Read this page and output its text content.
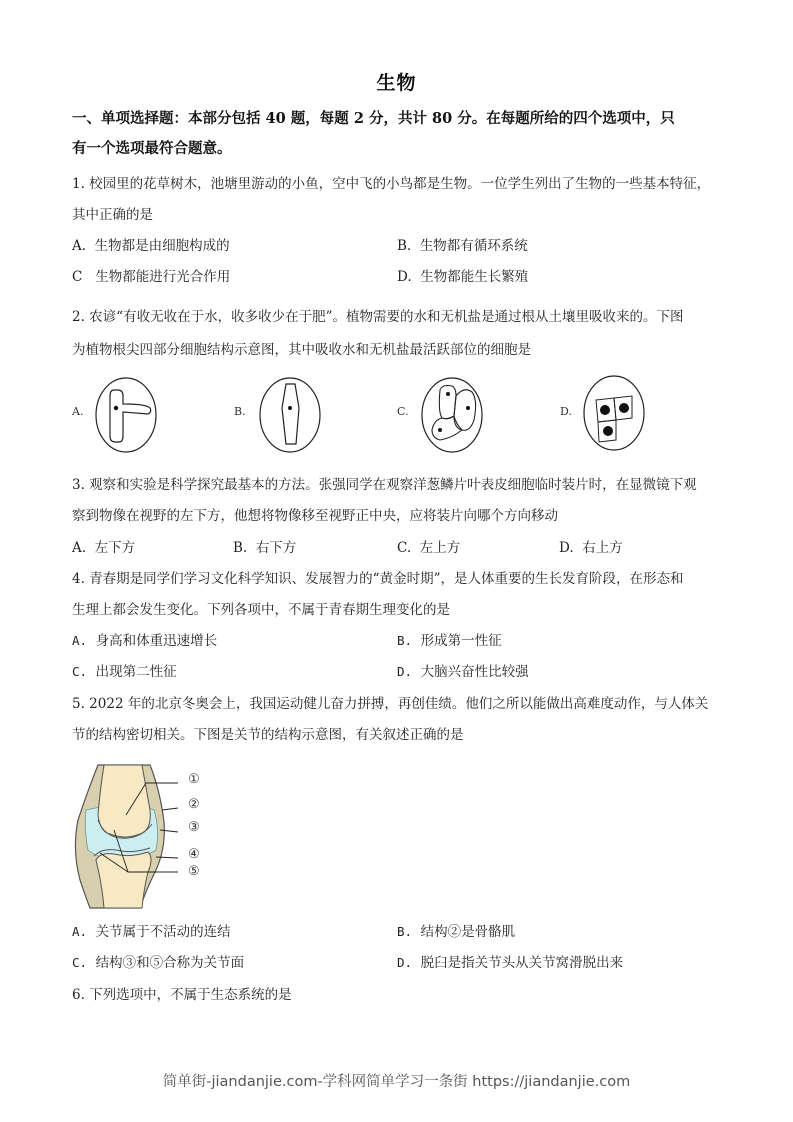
生物
一、单项选择题：本部分包括 40 题，每题 2 分，共计 80 分。在每题所给的四个选项中，只
有一个选项最符合题意。
1. 校园里的花草树木，池塘里游动的小鱼，空中飞的小鸟都是生物。一位学生列出了生物的一些基本特征，
其中正确的是
A. 生物都是由细胞构成的	B. 生物都有循环系统
C 生物都能进行光合作用	D. 生物都能生长繁殖
2. 农谚“有收无收在于水，收多收少在于肥”。植物需要的水和无机盐是通过根从土壤里吸收来的。下图
为植物根尖四部分细胞结构示意图，其中吸收水和无机盐最活跃部位的细胞是
A.	B.	C.	D.
3. 观察和实验是科学探究最基本的方法。张强同学在观察洋葱鳞片叶表皮细胞临时装片时，在显微镜下观
察到物像在视野的左下方，他想将物像移至视野正中央，应将装片向哪个方向移动
A. 左下方	B. 右下方	C. 左上方	D. 右上方
4. 青春期是同学们学习文化科学知识、发展智力的“黄金时期”，是人体重要的生长发育阶段，在形态和
生理上都会发生变化。下列各项中，不属于青春期生理变化的是
A. 身高和体重迅速增长	B. 形成第一性征
C. 出现第二性征	D. 大脑兴奋性比较强
5. 2022 年的北京冬奥会上，我国运动健儿奋力拼搏，再创佳绩。他们之所以能做出高难度动作，与人体关
节的结构密切相关。下图是关节的结构示意图，有关叙述正确的是
①
②
③
④
⑤
A. 关节属于不活动的连结	B. 结构②是骨骼肌
C. 结构③和⑤合称为关节面	D. 脱臼是指关节头从关节窝滑脱出来
6. 下列选项中，不属于生态系统的是
简单街-jiandanjie.com-学科网简单学习一条街 https://jiandanjie.com
